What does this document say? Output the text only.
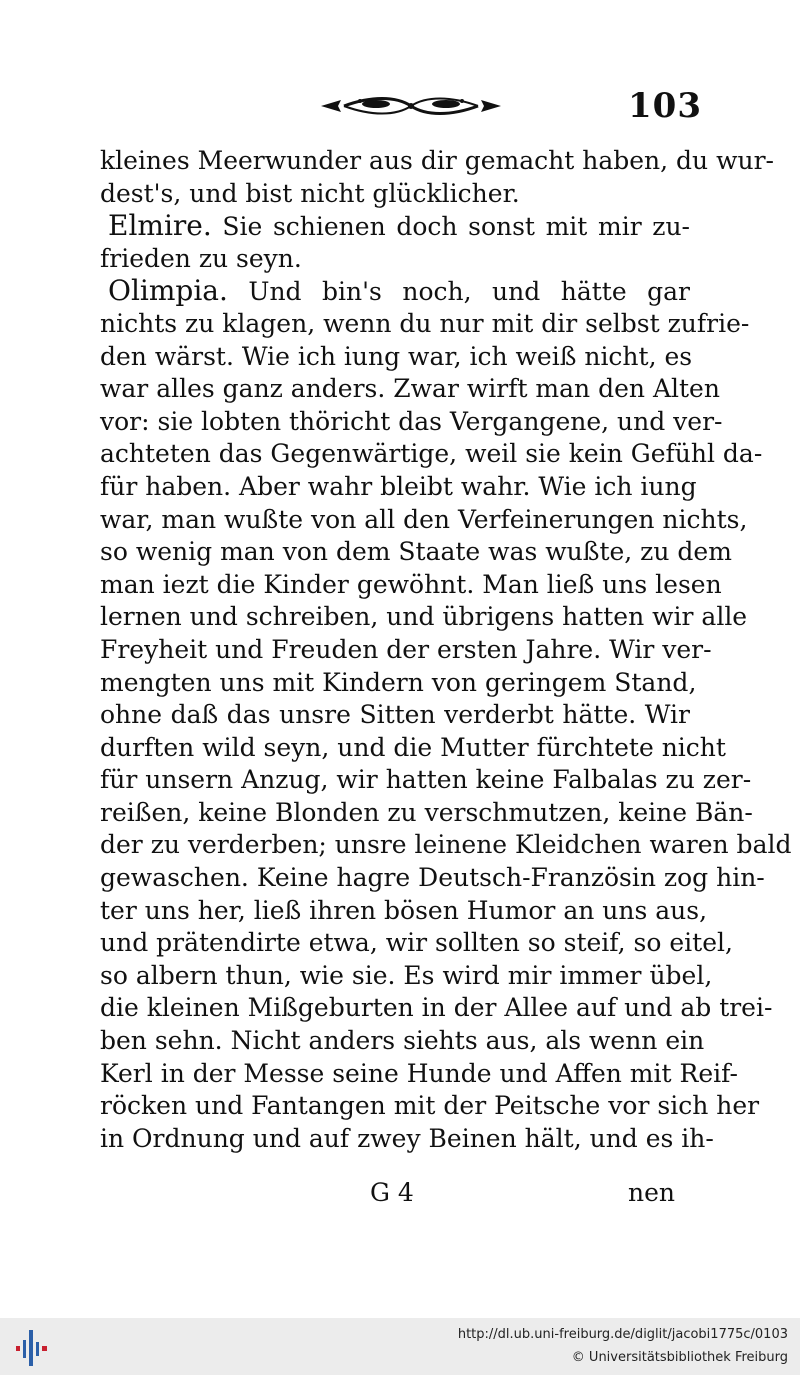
103
kleines Meerwunder aus dir gemacht haben, du wur-
dest's, und bist nicht glücklicher.
Elmire. Sie schienen doch sonst mit mir zu-
frieden zu seyn.
Olimpia. Und bin's noch, und hätte gar
nichts zu klagen, wenn du nur mit dir selbst zufrie-
den wärst. Wie ich iung war, ich weiß nicht, es
war alles ganz anders. Zwar wirft man den Alten
vor: sie lobten thöricht das Vergangene, und ver-
achteten das Gegenwärtige, weil sie kein Gefühl da-
für haben. Aber wahr bleibt wahr. Wie ich iung
war, man wußte von all den Verfeinerungen nichts,
so wenig man von dem Staate was wußte, zu dem
man iezt die Kinder gewöhnt. Man ließ uns lesen
lernen und schreiben, und übrigens hatten wir alle
Freyheit und Freuden der ersten Jahre. Wir ver-
mengten uns mit Kindern von geringem Stand,
ohne daß das unsre Sitten verderbt hätte. Wir
durften wild seyn, und die Mutter fürchtete nicht
für unsern Anzug, wir hatten keine Falbalas zu zer-
reißen, keine Blonden zu verschmutzen, keine Bän-
der zu verderben; unsre leinene Kleidchen waren bald
gewaschen. Keine hagre Deutsch-Französin zog hin-
ter uns her, ließ ihren bösen Humor an uns aus,
und prätendirte etwa, wir sollten so steif, so eitel,
so albern thun, wie sie. Es wird mir immer übel,
die kleinen Mißgeburten in der Allee auf und ab trei-
ben sehn. Nicht anders siehts aus, als wenn ein
Kerl in der Messe seine Hunde und Affen mit Reif-
röcken und Fantangen mit der Peitsche vor sich her
in Ordnung und auf zwey Beinen hält, und es ih-
G 4	nen
http://dl.ub.uni-freiburg.de/diglit/jacobi1775c/0103
© Universitätsbibliothek Freiburg
